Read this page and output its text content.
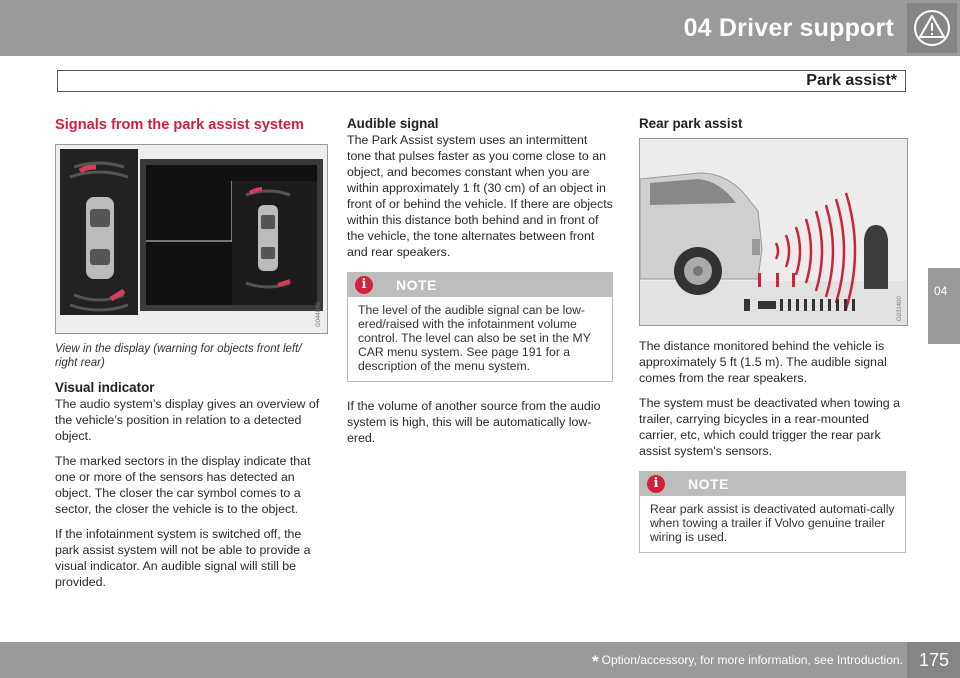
04 Driver support
Park assist*
04
Signals from the park assist system
G044040
View in the display (warning for objects front left/ right rear)
Visual indicator

The audio system’s display gives an overview of the vehicle’s position in relation to a detected object.

The marked sectors in the display indicate that one or more of the sensors has detected an object. The closer the car symbol comes to a sector, the closer the vehicle is to the object.

If the infotainment system is switched off, the park assist system will not be able to provide a visual indicator. An audible signal will still be provided.

Audible signal

The Park Assist system uses an intermittent tone that pulses faster as you come close to an object, and becomes constant when you are within approximately 1 ft (30 cm) of an object in front of or behind the vehicle. If there are objects within this distance both behind and in front of the vehicle, the tone alternates between front and rear speakers.

i	NOTE
The level of the audible signal can be low-ered/raised with the infotainment volume control. The level can also be set in the MY CAR menu system. See page 191 for a description of the menu system.

If the volume of another source from the audio system is high, this will be automatically low-ered.

Rear park assist
G031400

The distance monitored behind the vehicle is approximately 5 ft (1.5 m). The audible signal comes from the rear speakers.

The system must be deactivated when towing a trailer, carrying bicycles in a rear-mounted carrier, etc, which could trigger the rear park assist system's sensors.

i	NOTE
Rear park assist is deactivated automati-cally when towing a trailer if Volvo genuine trailer wiring is used.
* Option/accessory, for more information, see Introduction. 175
